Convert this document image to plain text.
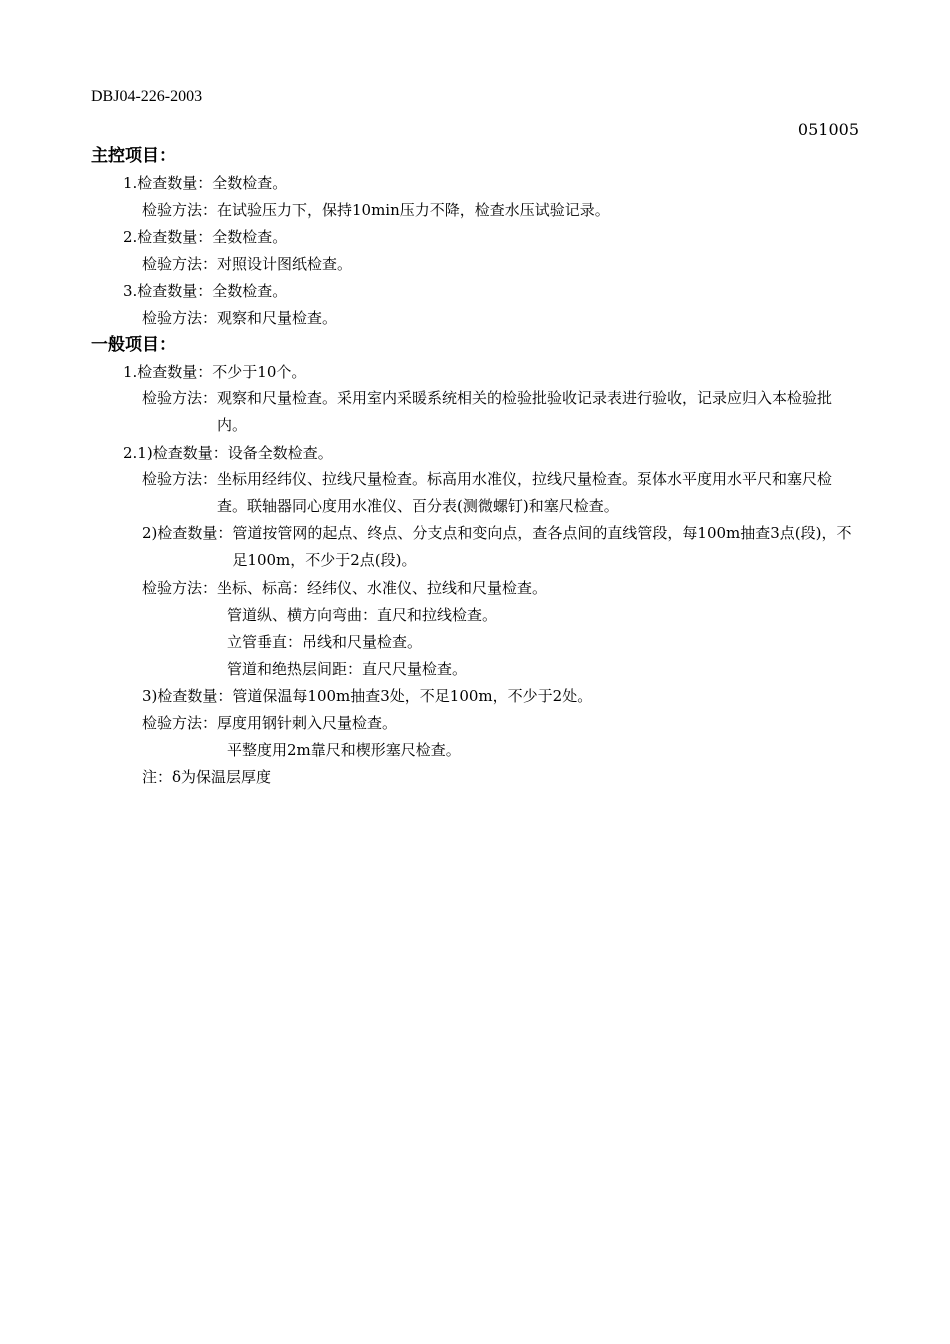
DBJ04-226-2003
051005
主控项目：
1.检查数量：全数检查。
检验方法：在试验压力下，保持10min压力不降，检查水压试验记录。
2.检查数量：全数检查。
检验方法：对照设计图纸检查。
3.检查数量：全数检查。
检验方法：观察和尺量检查。
一般项目：
1.检查数量：不少于10个。
检验方法： 观察和尺量检查。采用室内采暖系统相关的检验批验收记录表进行验收，记录应归入本检验批内。
2.1)检查数量：设备全数检查。
检验方法： 坐标用经纬仪、拉线尺量检查。标高用水准仪，拉线尺量检查。泵体水平度用水平尺和塞尺检查。联轴器同心度用水准仪、百分表(测微螺钉)和塞尺检查。
2)检查数量： 管道按管网的起点、终点、分支点和变向点，查各点间的直线管段，每100m抽查3点(段)，不足100m，不少于2点(段)。
检验方法：坐标、标高：经纬仪、水准仪、拉线和尺量检查。
管道纵、横方向弯曲：直尺和拉线检查。
立管垂直：吊线和尺量检查。
管道和绝热层间距：直尺尺量检查。
3)检查数量：管道保温每100m抽查3处，不足100m，不少于2处。
检验方法：厚度用钢针刺入尺量检查。
平整度用2m靠尺和楔形塞尺检查。
注：δ为保温层厚度
